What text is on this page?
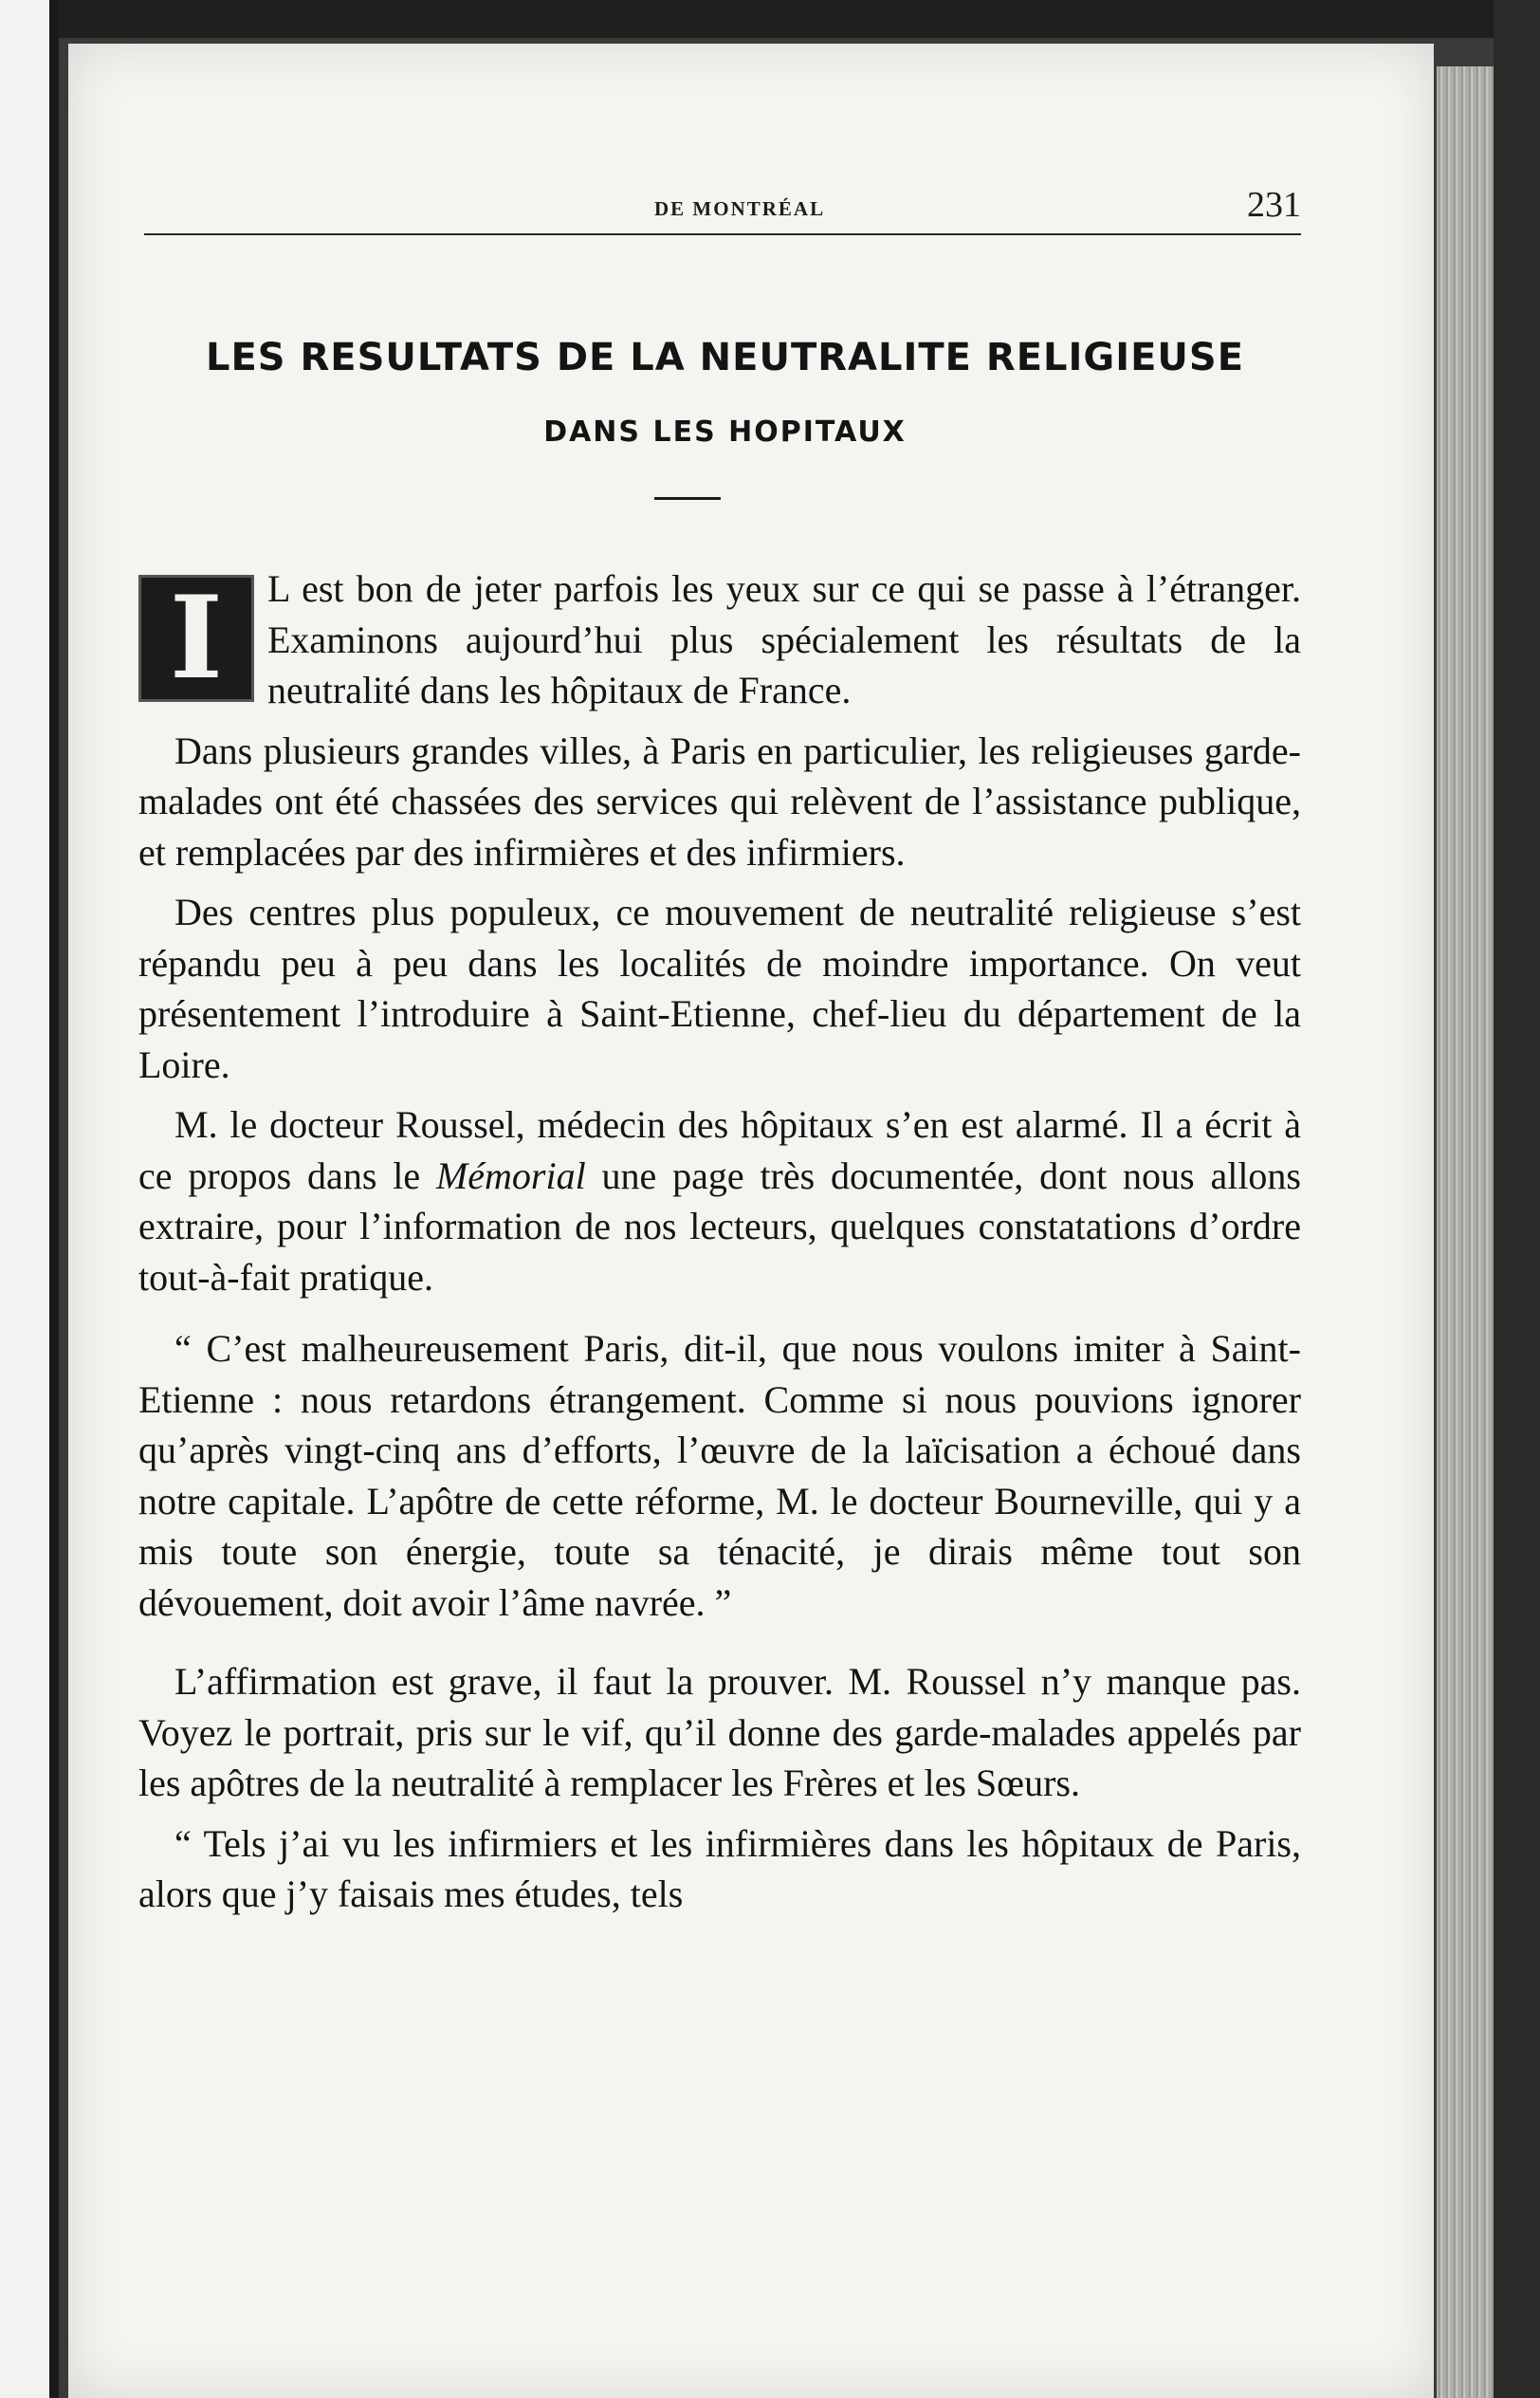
DE MONTRÉAL	231
LES RESULTATS DE LA NEUTRALITE RELIGIEUSE
DANS LES HOPITAUX

I	L est bon de jeter parfois les yeux sur ce qui se passe à l’étranger. Examinons aujourd’hui plus spécialement les résultats de la neutralité dans les hôpitaux de France.

Dans plusieurs grandes villes, à Paris en particulier, les religieuses garde-malades ont été chassées des services qui relèvent de l’assistance publique, et remplacées par des infirmières et des infirmiers.

Des centres plus populeux, ce mouvement de neutralité religieuse s’est répandu peu à peu dans les localités de moindre importance. On veut présentement l’introduire à Saint-Etienne, chef-lieu du département de la Loire.

M. le docteur Roussel, médecin des hôpitaux s’en est alarmé. Il a écrit à ce propos dans le Mémorial une page très documentée, dont nous allons extraire, pour l’information de nos lecteurs, quelques constatations d’ordre tout-à-fait pratique.

“ C’est malheureusement Paris, dit-il, que nous voulons imiter à Saint-Etienne : nous retardons étrangement. Comme si nous pouvions ignorer qu’après vingt-cinq ans d’efforts, l’œuvre de la laïcisation a échoué dans notre capitale. L’apôtre de cette réforme, M. le docteur Bourneville, qui y a mis toute son énergie, toute sa ténacité, je dirais même tout son dévouement, doit avoir l’âme navrée. ”

L’affirmation est grave, il faut la prouver. M. Roussel n’y manque pas. Voyez le portrait, pris sur le vif, qu’il donne des garde-malades appelés par les apôtres de la neutralité à remplacer les Frères et les Sœurs.

“ Tels j’ai vu les infirmiers et les infirmières dans les hôpitaux de Paris, alors que j’y faisais mes études, tels
